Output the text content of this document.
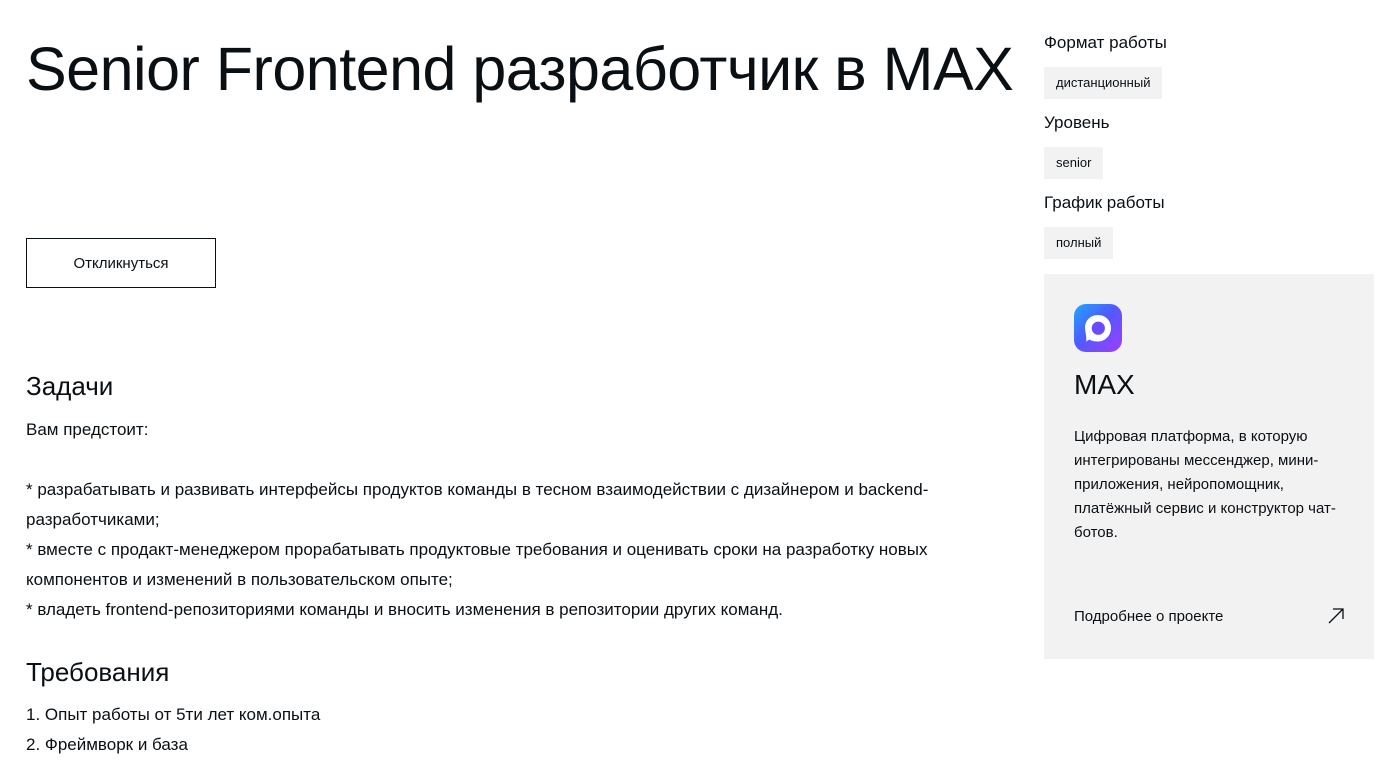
Senior Frontend разработчик в MAX
Откликнуться
Задачи

Вам предстоит:

* разрабатывать и развивать интерфейсы продуктов команды в тесном взаимодействии с дизайнером и backend-разработчиками;

* вместе с продакт-менеджером прорабатывать продуктовые требования и оценивать сроки на разработку новых компонентов и изменений в пользовательском опыте;

* владеть frontend-репозиториями команды и вносить изменения в репозитории других команд.

Требования

1. Опыт работы от 5ти лет ком.опыта

2. Фреймворк и база

Формат работы
дистанционный
Уровень
senior
График работы
полный
MAX

Цифровая платформа, в которую интегрированы мессенджер, мини-приложения, нейропомощник, платёжный сервис и конструктор чат-ботов.

Подробнее о проекте
